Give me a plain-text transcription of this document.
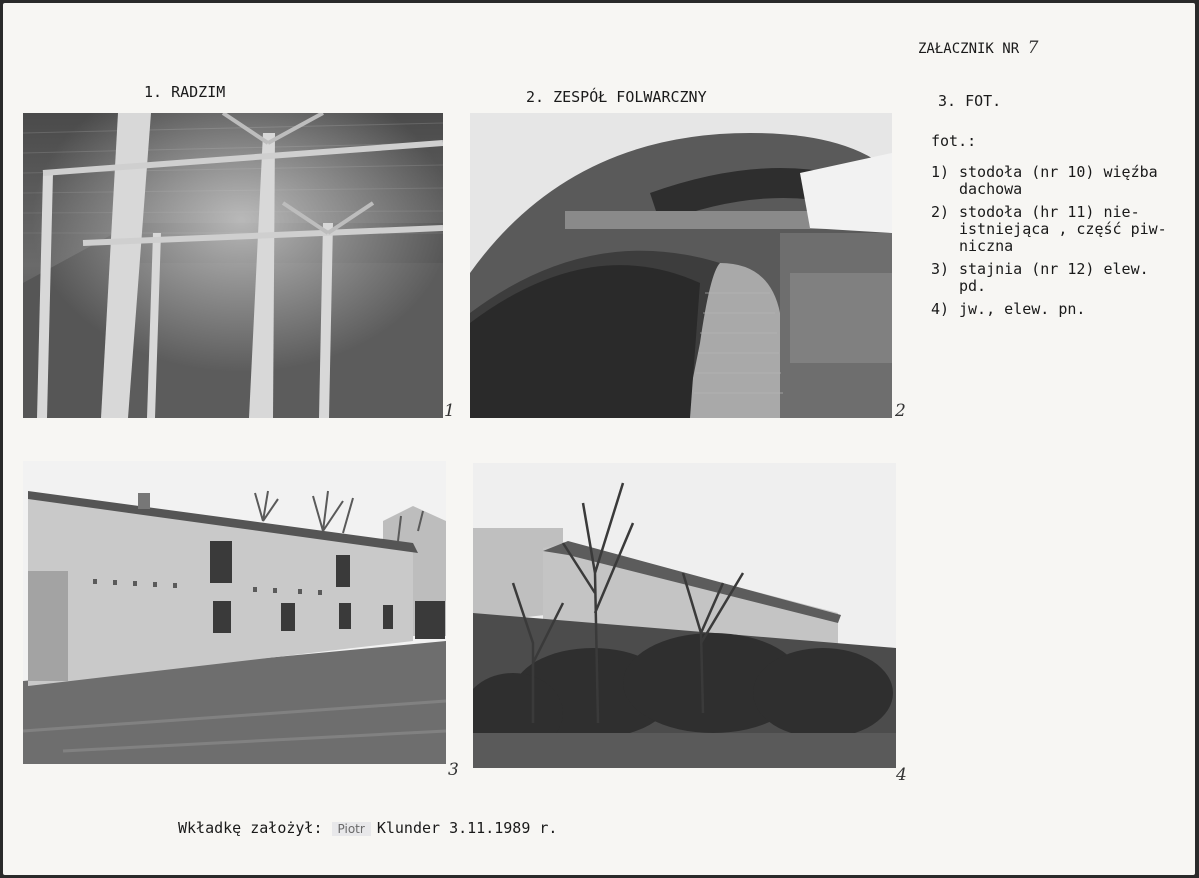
ZAŁACZNIK NR 7
1. RADZIM	2. ZESPÓŁ FOLWARCZNY	3. FOT.
1	2
3	4
fot.:
1) stodoła (nr 10) więźba
dachowa
2) stodoła (hr 11) nie-
istniejąca , część piw-
niczna
3) stajnia (nr 12) elew.
pd.
4) jw., elew. pn.
Wkładkę założył: Piotr Klunder 3.11.1989 r.
